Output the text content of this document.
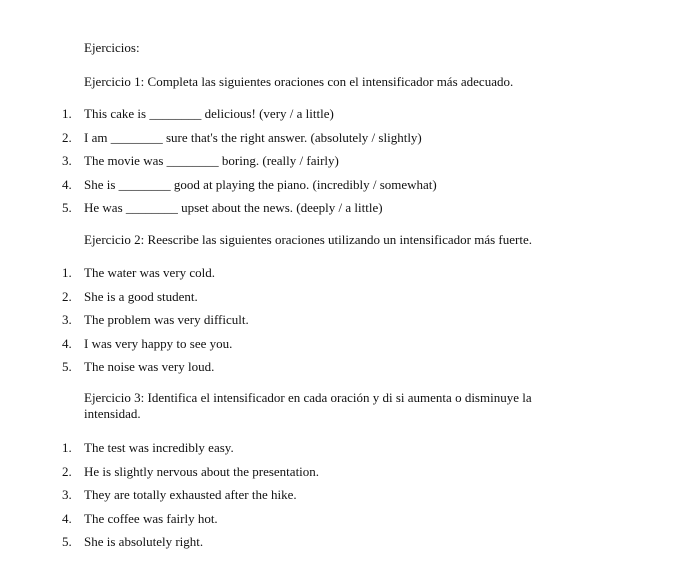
Ejercicios:

Ejercicio 1: Completa las siguientes oraciones con el intensificador más adecuado.

1. This cake is ________ delicious! (very / a little)
2. I am ________ sure that's the right answer. (absolutely / slightly)
3. The movie was ________ boring. (really / fairly)
4. She is ________ good at playing the piano. (incredibly / somewhat)
5. He was ________ upset about the news. (deeply / a little)

Ejercicio 2: Reescribe las siguientes oraciones utilizando un intensificador más fuerte.

1. The water was very cold.
2. She is a good student.
3. The problem was very difficult.
4. I was very happy to see you.
5. The noise was very loud.

Ejercicio 3: Identifica el intensificador en cada oración y di si aumenta o disminuye la intensidad.

1. The test was incredibly easy.
2. He is slightly nervous about the presentation.
3. They are totally exhausted after the hike.
4. The coffee was fairly hot.
5. She is absolutely right.
